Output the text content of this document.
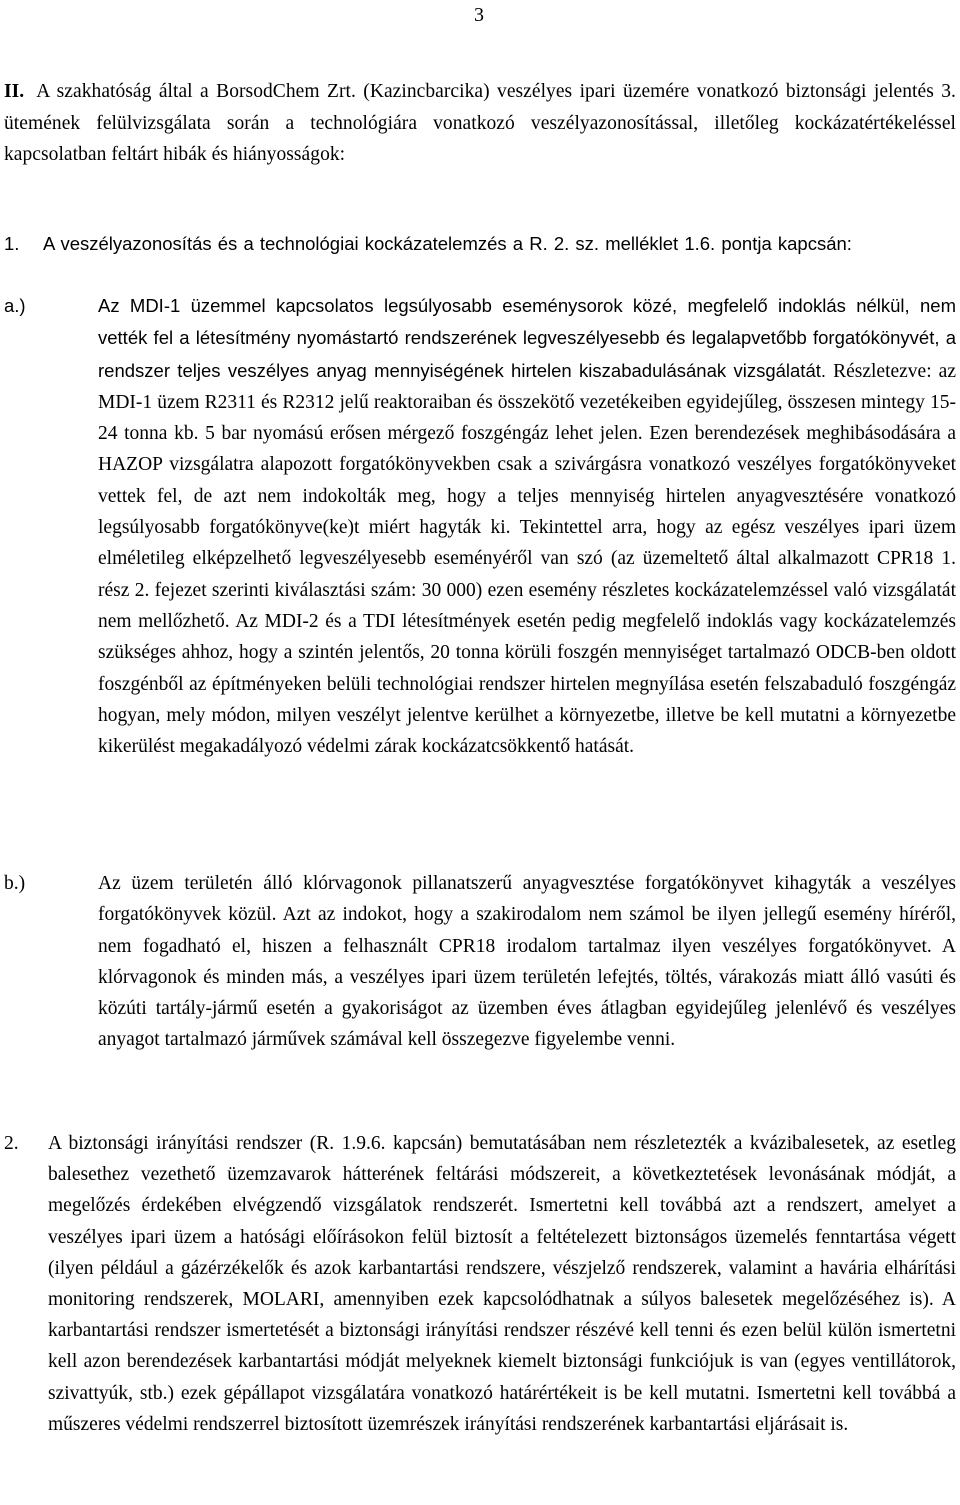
3
II. A szakhatóság által a BorsodChem Zrt. (Kazincbarcika) veszélyes ipari üzemére vonatkozó biztonsági jelentés 3. ütemének felülvizsgálata során a technológiára vonatkozó veszélyazonosítással, illetőleg kockázatértékeléssel kapcsolatban feltárt hibák és hiányosságok:
1. A veszélyazonosítás és a technológiai kockázatelemzés a R. 2. sz. melléklet 1.6. pontja kapcsán:
a.)	Az MDI-1 üzemmel kapcsolatos legsúlyosabb eseménysorok közé, megfelelő indoklás nélkül, nem vették fel a létesítmény nyomástartó rendszerének legveszélyesebb és legalapvetőbb forgatókönyvét, a rendszer teljes veszélyes anyag mennyiségének hirtelen kiszabadulásának vizsgálatát. Részletezve: az MDI-1 üzem R2311 és R2312 jelű reaktoraiban és összekötő vezetékeiben egyidejűleg, összesen mintegy 15-24 tonna kb. 5 bar nyomású erősen mérgező foszgéngáz lehet jelen. Ezen berendezések meghibásodására a HAZOP vizsgálatra alapozott forgatókönyvekben csak a szivárgásra vonatkozó veszélyes forgatókönyveket vettek fel, de azt nem indokolták meg, hogy a teljes mennyiség hirtelen anyagvesztésére vonatkozó legsúlyosabb forgatókönyve(ke)t miért hagyták ki. Tekintettel arra, hogy az egész veszélyes ipari üzem elméletileg elképzelhető legveszélyesebb eseményéről van szó (az üzemeltető által alkalmazott CPR18 1. rész 2. fejezet szerinti kiválasztási szám: 30 000) ezen esemény részletes kockázatelemzéssel való vizsgálatát nem mellőzhető. Az MDI-2 és a TDI létesítmények esetén pedig megfelelő indoklás vagy kockázatelemzés szükséges ahhoz, hogy a szintén jelentős, 20 tonna körüli foszgén mennyiséget tartalmazó ODCB-ben oldott foszgénből az építményeken belüli technológiai rendszer hirtelen megnyílása esetén felszabaduló foszgéngáz hogyan, mely módon, milyen veszélyt jelentve kerülhet a környezetbe, illetve be kell mutatni a környezetbe kikerülést megakadályozó védelmi zárak kockázatcsökkentő hatását.
b.)	Az üzem területén álló klórvagonok pillanatszerű anyagvesztése forgatókönyvet kihagyták a veszélyes forgatókönyvek közül. Azt az indokot, hogy a szakirodalom nem számol be ilyen jellegű esemény híréről, nem fogadható el, hiszen a felhasznált CPR18 irodalom tartalmaz ilyen veszélyes forgatókönyvet. A klórvagonok és minden más, a veszélyes ipari üzem területén lefejtés, töltés, várakozás miatt álló vasúti és közúti tartály-jármű esetén a gyakoriságot az üzemben éves átlagban egyidejűleg jelenlévő és veszélyes anyagot tartalmazó járművek számával kell összegezve figyelembe venni.
2. A biztonsági irányítási rendszer (R. 1.9.6. kapcsán) bemutatásában nem részletezték a kvázibalesetek, az esetleg balesethez vezethető üzemzavarok hátterének feltárási módszereit, a következtetések levonásának módját, a megelőzés érdekében elvégzendő vizsgálatok rendszerét. Ismertetni kell továbbá azt a rendszert, amelyet a veszélyes ipari üzem a hatósági előírásokon felül biztosít a feltételezett biztonságos üzemelés fenntartása végett (ilyen például a gázérzékelők és azok karbantartási rendszere, vészjelző rendszerek, valamint a havária elhárítási monitoring rendszerek, MOLARI, amennyiben ezek kapcsolódhatnak a súlyos balesetek megelőzéséhez is). A karbantartási rendszer ismertetését a biztonsági irányítási rendszer részévé kell tenni és ezen belül külön ismertetni kell azon berendezések karbantartási módját melyeknek kiemelt biztonsági funkciójuk is van (egyes ventillátorok, szivattyúk, stb.) ezek gépállapot vizsgálatára vonatkozó határértékeit is be kell mutatni. Ismertetni kell továbbá a műszeres védelmi rendszerrel biztosított üzemrészek irányítási rendszerének karbantartási eljárásait is.
